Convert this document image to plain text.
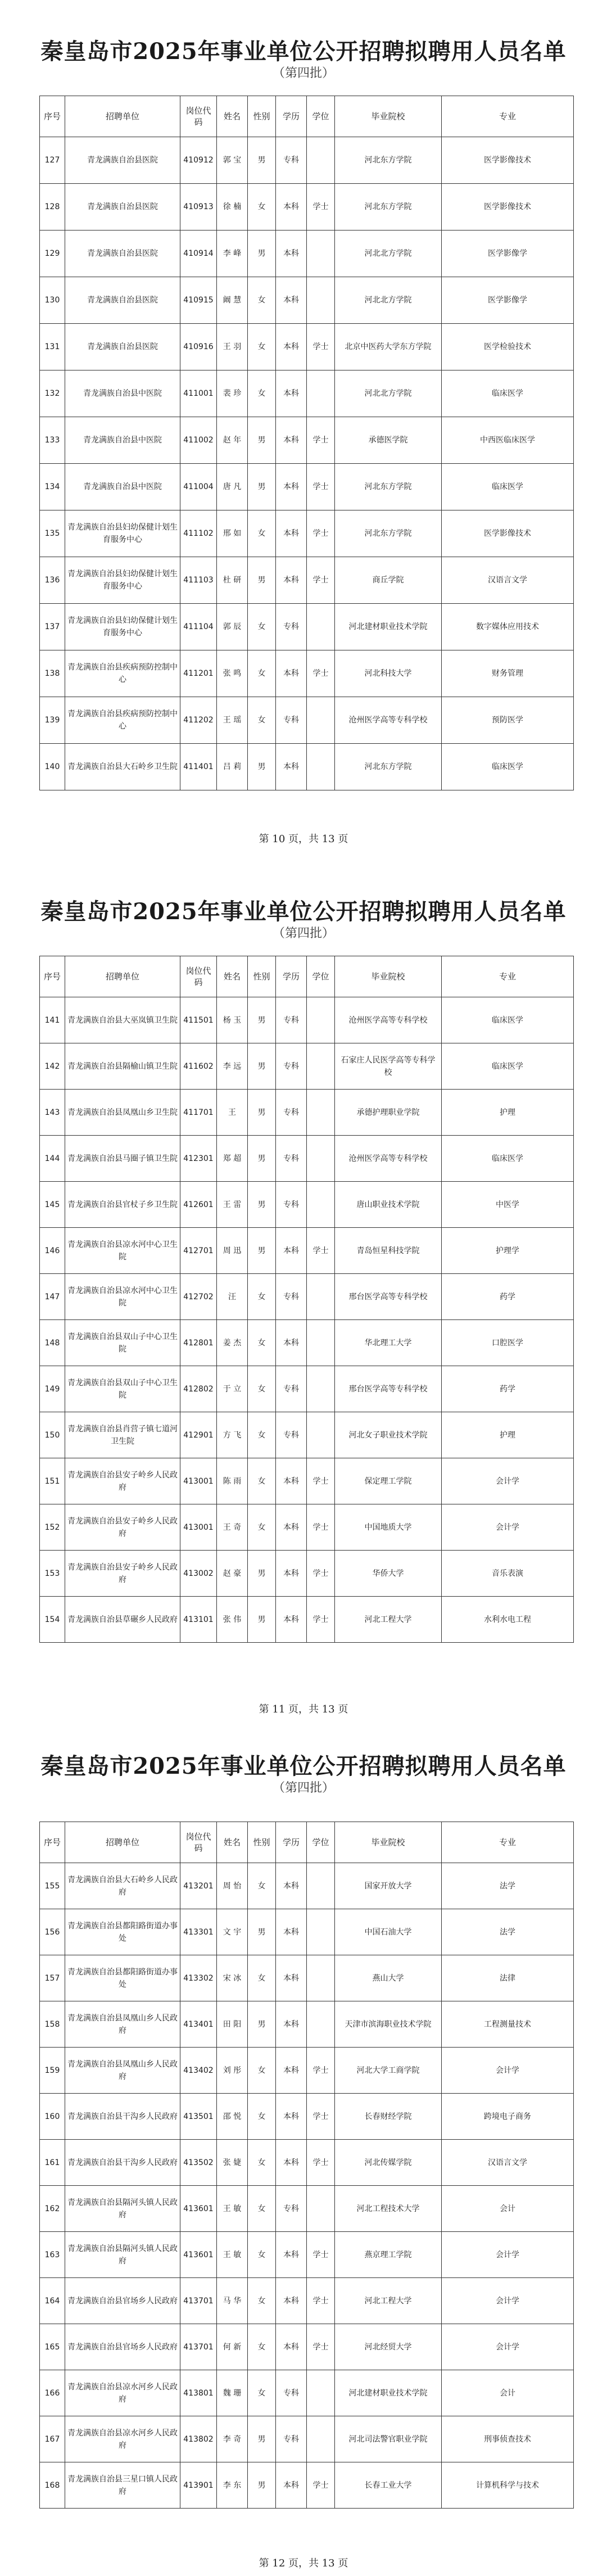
秦皇岛市2025年事业单位公开招聘拟聘用人员名单
（第四批）
序号	招聘单位	岗位代码	姓名	性别	学历	学位	毕业院校	专业
127	青龙满族自治县医院	410912	郭 宝	男	专科		河北东方学院	医学影像技术
128	青龙满族自治县医院	410913	徐 楠	女	本科	学士	河北东方学院	医学影像技术
129	青龙满族自治县医院	410914	李 峰	男	本科		河北北方学院	医学影像学
130	青龙满族自治县医院	410915	阚 慧	女	本科		河北北方学院	医学影像学
131	青龙满族自治县医院	410916	王 羽	女	本科	学士	北京中医药大学东方学院	医学检验技术
132	青龙满族自治县中医院	411001	裴 珍	女	本科		河北北方学院	临床医学
133	青龙满族自治县中医院	411002	赵 年	男	本科	学士	承德医学院	中西医临床医学
134	青龙满族自治县中医院	411004	唐 凡	男	本科	学士	河北东方学院	临床医学
135	青龙满族自治县妇幼保健计划生育服务中心	411102	邢 如	女	本科	学士	河北东方学院	医学影像技术
136	青龙满族自治县妇幼保健计划生育服务中心	411103	杜 研	男	本科	学士	商丘学院	汉语言文学
137	青龙满族自治县妇幼保健计划生育服务中心	411104	郭 辰	女	专科		河北建材职业技术学院	数字媒体应用技术
138	青龙满族自治县疾病预防控制中心	411201	张 鸣	女	本科	学士	河北科技大学	财务管理
139	青龙满族自治县疾病预防控制中心	411202	王 瑶	女	专科		沧州医学高等专科学校	预防医学
140	青龙满族自治县大石岭乡卫生院	411401	吕 莉	男	本科		河北东方学院	临床医学
第 10 页，共 13 页
秦皇岛市2025年事业单位公开招聘拟聘用人员名单
（第四批）
序号	招聘单位	岗位代码	姓名	性别	学历	学位	毕业院校	专业
141	青龙满族自治县大巫岚镇卫生院	411501	杨 玉	男	专科		沧州医学高等专科学校	临床医学
142	青龙满族自治县隔榆山镇卫生院	411602	李 远	男	专科		石家庄人民医学高等专科学校	临床医学
143	青龙满族自治县凤凰山乡卫生院	411701	王	男	专科		承德护理职业学院	护理
144	青龙满族自治县马圈子镇卫生院	412301	郑 超	男	专科		沧州医学高等专科学校	临床医学
145	青龙满族自治县官杖子乡卫生院	412601	王 雷	男	专科		唐山职业技术学院	中医学
146	青龙满族自治县凉水河中心卫生院	412701	周 迅	男	本科	学士	青岛恒星科技学院	护理学
147	青龙满族自治县凉水河中心卫生院	412702	汪	女	专科		邢台医学高等专科学校	药学
148	青龙满族自治县双山子中心卫生院	412801	姜 杰	女	本科		华北理工大学	口腔医学
149	青龙满族自治县双山子中心卫生院	412802	于 立	女	专科		邢台医学高等专科学校	药学
150	青龙满族自治县肖营子镇七道河卫生院	412901	方 飞	女	专科		河北女子职业技术学院	护理
151	青龙满族自治县安子岭乡人民政府	413001	陈 雨	女	本科	学士	保定理工学院	会计学
152	青龙满族自治县安子岭乡人民政府	413001	王 奇	女	本科	学士	中国地质大学	会计学
153	青龙满族自治县安子岭乡人民政府	413002	赵 豪	男	本科	学士	华侨大学	音乐表演
154	青龙满族自治县草碾乡人民政府	413101	张 伟	男	本科	学士	河北工程大学	水利水电工程
第 11 页，共 13 页
秦皇岛市2025年事业单位公开招聘拟聘用人员名单
（第四批）
序号	招聘单位	岗位代码	姓名	性别	学历	学位	毕业院校	专业
155	青龙满族自治县大石岭乡人民政府	413201	周 怡	女	本科		国家开放大学	法学
156	青龙满族自治县都阳路街道办事处	413301	文 宇	男	本科		中国石油大学	法学
157	青龙满族自治县都阳路街道办事处	413302	宋 冰	女	本科		燕山大学	法律
158	青龙满族自治县凤凰山乡人民政府	413401	田 阳	男	本科		天津市滨海职业技术学院	工程测量技术
159	青龙满族自治县凤凰山乡人民政府	413402	刘 彤	女	本科	学士	河北大学工商学院	会计学
160	青龙满族自治县干沟乡人民政府	413501	邵 悦	女	本科	学士	长春财经学院	跨境电子商务
161	青龙满族自治县干沟乡人民政府	413502	张 婕	女	本科	学士	河北传媒学院	汉语言文学
162	青龙满族自治县隔河头镇人民政府	413601	王 敏	女	专科		河北工程技术大学	会计
163	青龙满族自治县隔河头镇人民政府	413601	王 敏	女	本科	学士	燕京理工学院	会计学
164	青龙满族自治县官场乡人民政府	413701	马 华	女	本科	学士	河北工程大学	会计学
165	青龙满族自治县官场乡人民政府	413701	何 新	女	本科	学士	河北经贸大学	会计学
166	青龙满族自治县凉水河乡人民政府	413801	魏 珊	女	专科		河北建材职业技术学院	会计
167	青龙满族自治县凉水河乡人民政府	413802	李 奇	男	专科		河北司法警官职业学院	刑事侦查技术
168	青龙满族自治县三星口镇人民政府	413901	李 东	男	本科	学士	长春工业大学	计算机科学与技术
第 12 页，共 13 页
